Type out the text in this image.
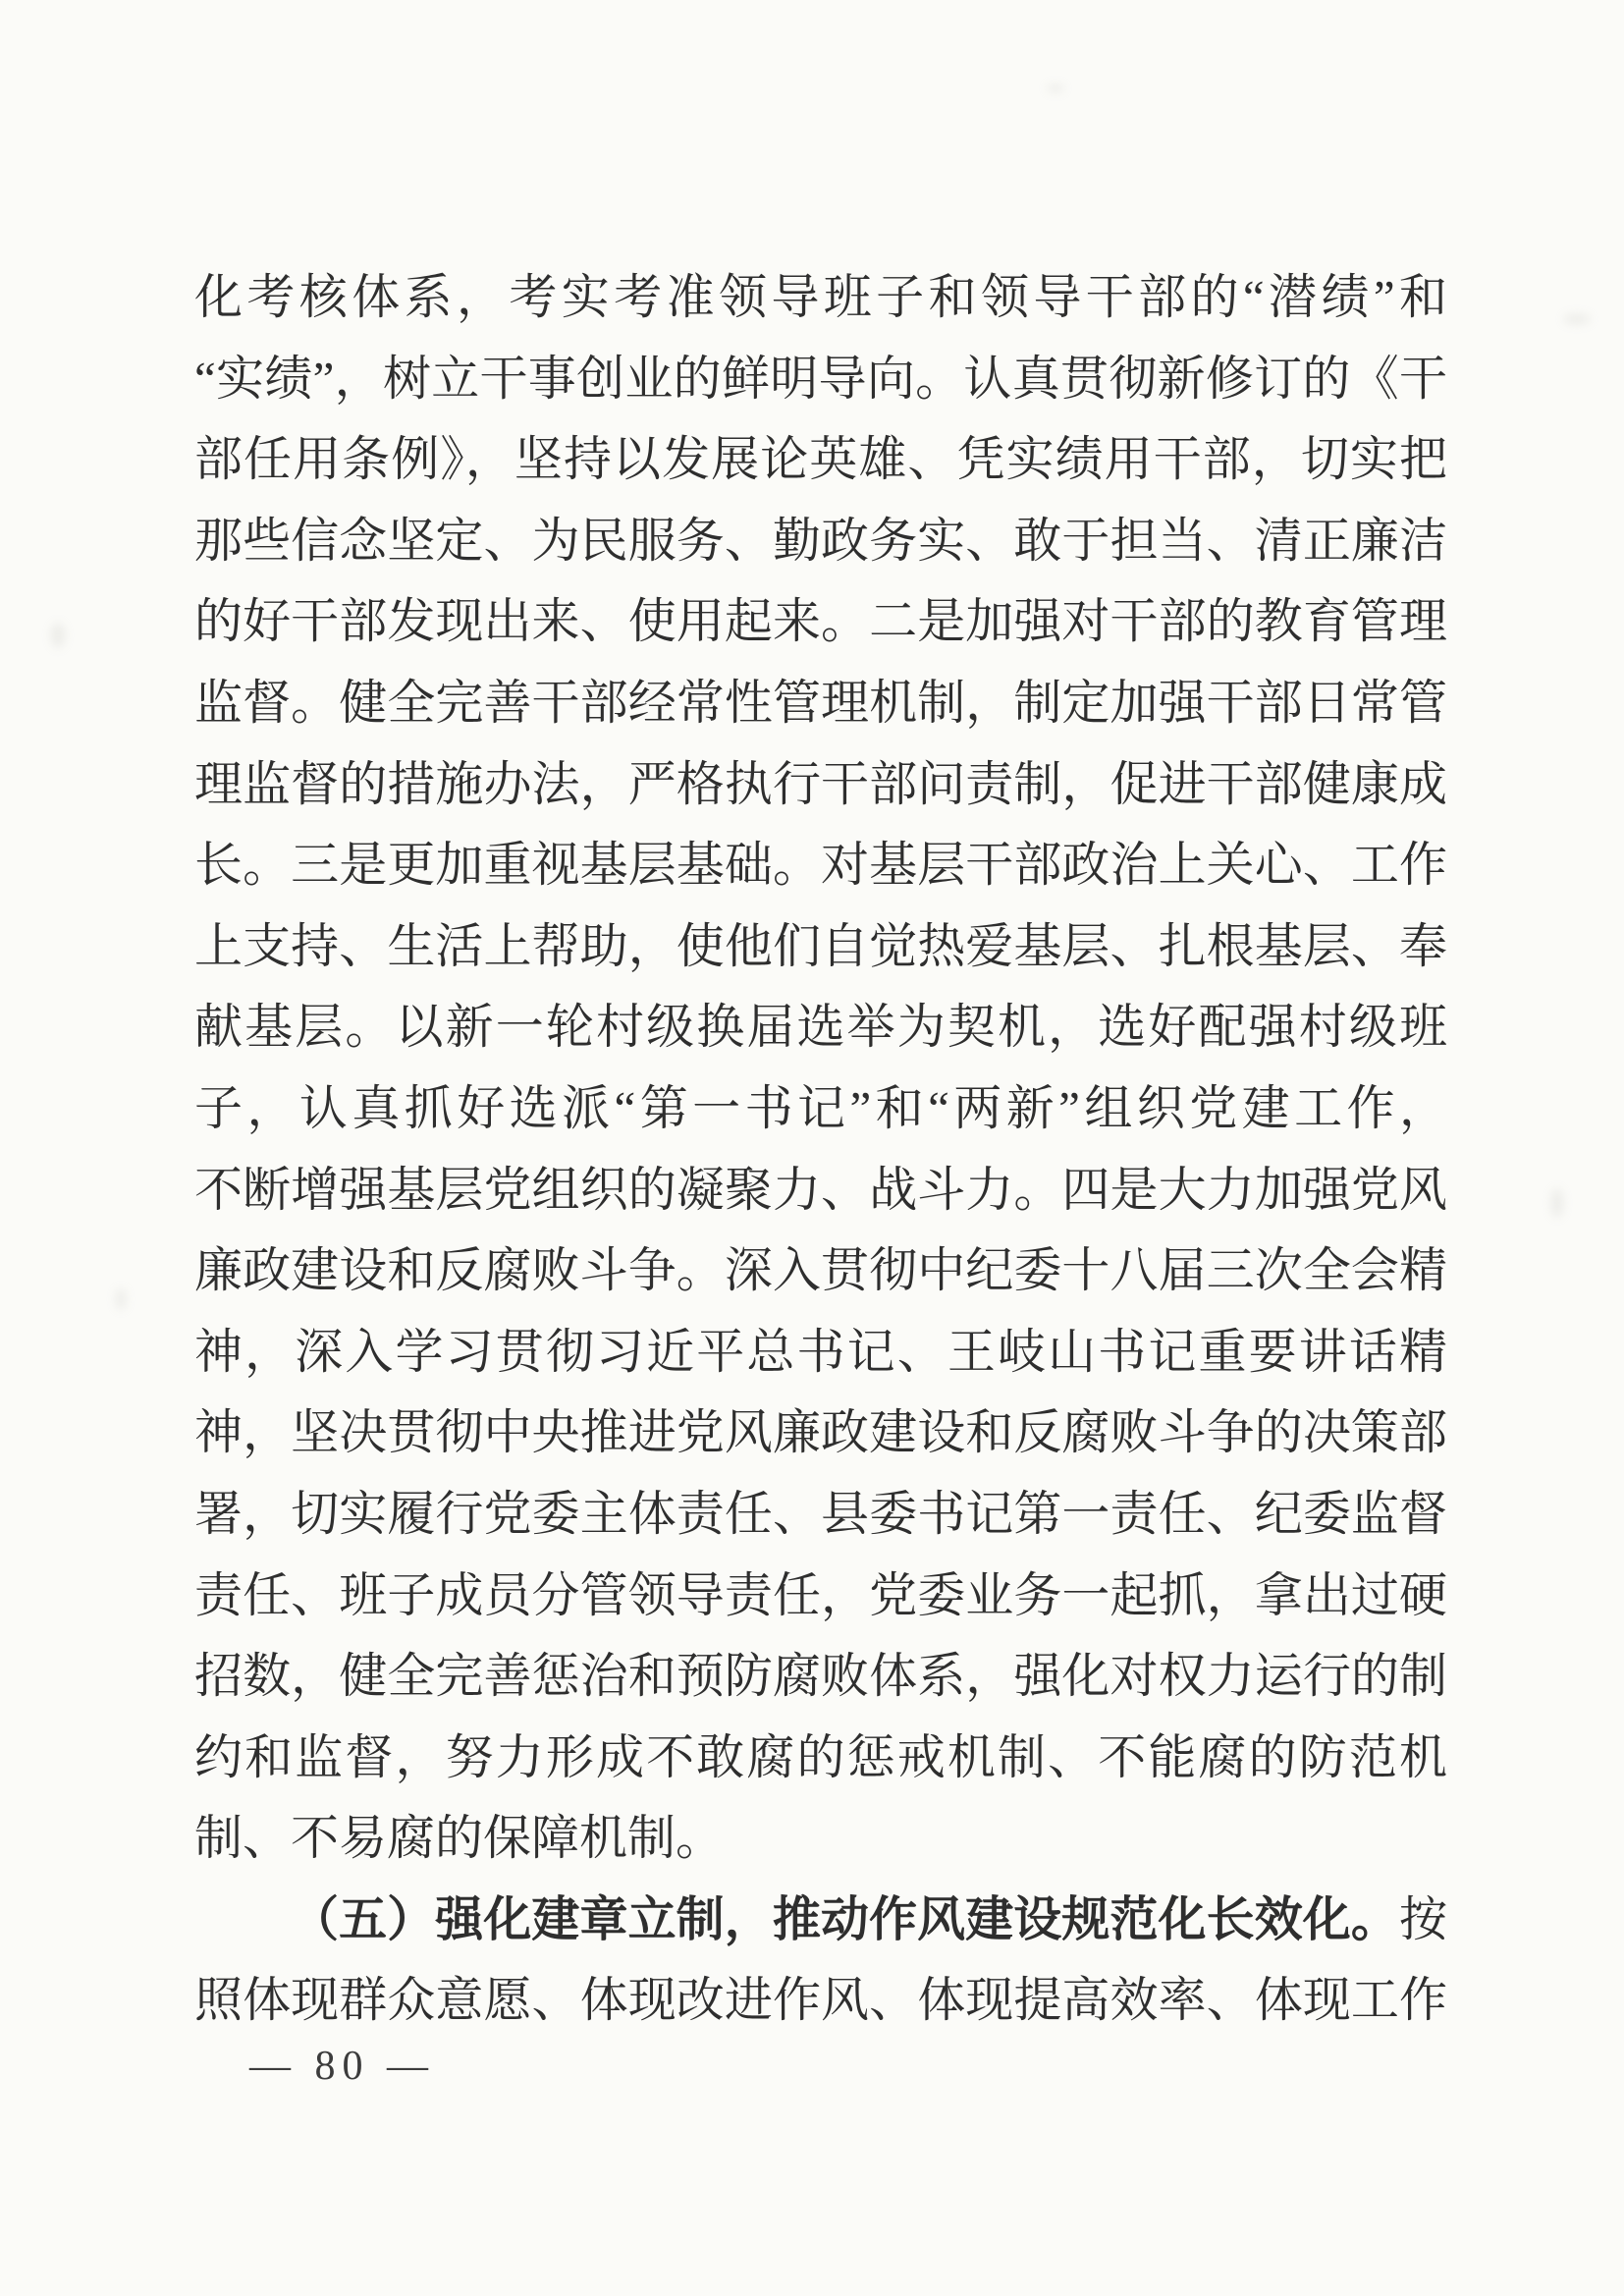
化考核体系，考实考准领导班子和领导干部的“潜绩”和
“实绩”，树立干事创业的鲜明导向。认真贯彻新修订的《干
部任用条例》，坚持以发展论英雄、凭实绩用干部，切实把
那些信念坚定、为民服务、勤政务实、敢于担当、清正廉洁
的好干部发现出来、使用起来。二是加强对干部的教育管理
监督。健全完善干部经常性管理机制，制定加强干部日常管
理监督的措施办法，严格执行干部问责制，促进干部健康成
长。三是更加重视基层基础。对基层干部政治上关心、工作
上支持、生活上帮助，使他们自觉热爱基层、扎根基层、奉
献基层。以新一轮村级换届选举为契机，选好配强村级班
子，认真抓好选派“第一书记”和“两新”组织党建工作，
不断增强基层党组织的凝聚力、战斗力。四是大力加强党风
廉政建设和反腐败斗争。深入贯彻中纪委十八届三次全会精
神，深入学习贯彻习近平总书记、王岐山书记重要讲话精
神，坚决贯彻中央推进党风廉政建设和反腐败斗争的决策部
署，切实履行党委主体责任、县委书记第一责任、纪委监督
责任、班子成员分管领导责任，党委业务一起抓，拿出过硬
招数，健全完善惩治和预防腐败体系，强化对权力运行的制
约和监督，努力形成不敢腐的惩戒机制、不能腐的防范机
制、不易腐的保障机制。
（五）强化建章立制，推动作风建设规范化长效化。按
照体现群众意愿、体现改进作风、体现提高效率、体现工作
— 80 —
